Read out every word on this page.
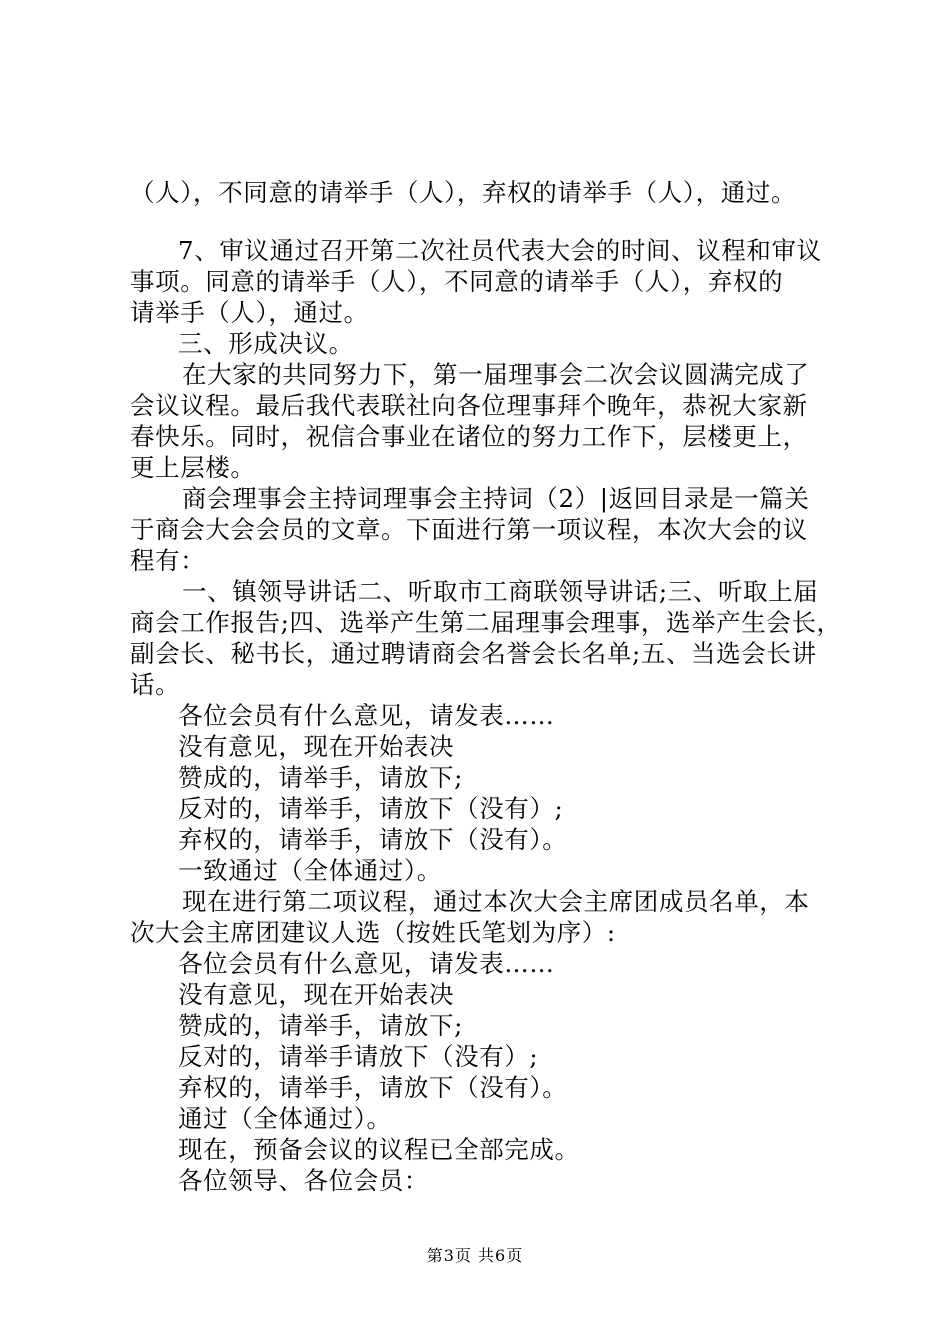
（人），不同意的请举手（人），弃权的请举手（人），通过。
7、审议通过召开第二次社员代表大会的时间、议程和审议
事项。同意的请举手（人），不同意的请举手（人），弃权的
请举手（人），通过。
三、形成决议。
在大家的共同努力下，第一届理事会二次会议圆满完成了
会议议程。最后我代表联社向各位理事拜个晚年，恭祝大家新
春快乐。同时，祝信合事业在诸位的努力工作下，层楼更上，
更上层楼。
商会理事会主持词理事会主持词（2）|返回目录是一篇关
于商会大会会员的文章。下面进行第一项议程，本次大会的议
程有：
一、镇领导讲话二、听取市工商联领导讲话;三、听取上届
商会工作报告;四、选举产生第二届理事会理事，选举产生会长，
副会长、秘书长，通过聘请商会名誉会长名单;五、当选会长讲
话。
各位会员有什么意见，请发表……
没有意见，现在开始表决
赞成的，请举手，请放下;
反对的，请举手，请放下（没有）;
弃权的，请举手，请放下（没有）。
一致通过（全体通过）。
现在进行第二项议程，通过本次大会主席团成员名单，本
次大会主席团建议人选（按姓氏笔划为序）:
各位会员有什么意见，请发表……
没有意见，现在开始表决
赞成的，请举手，请放下;
反对的，请举手请放下（没有）;
弃权的，请举手，请放下（没有）。
通过（全体通过）。
现在，预备会议的议程已全部完成。
各位领导、各位会员：
第3页 共6页
